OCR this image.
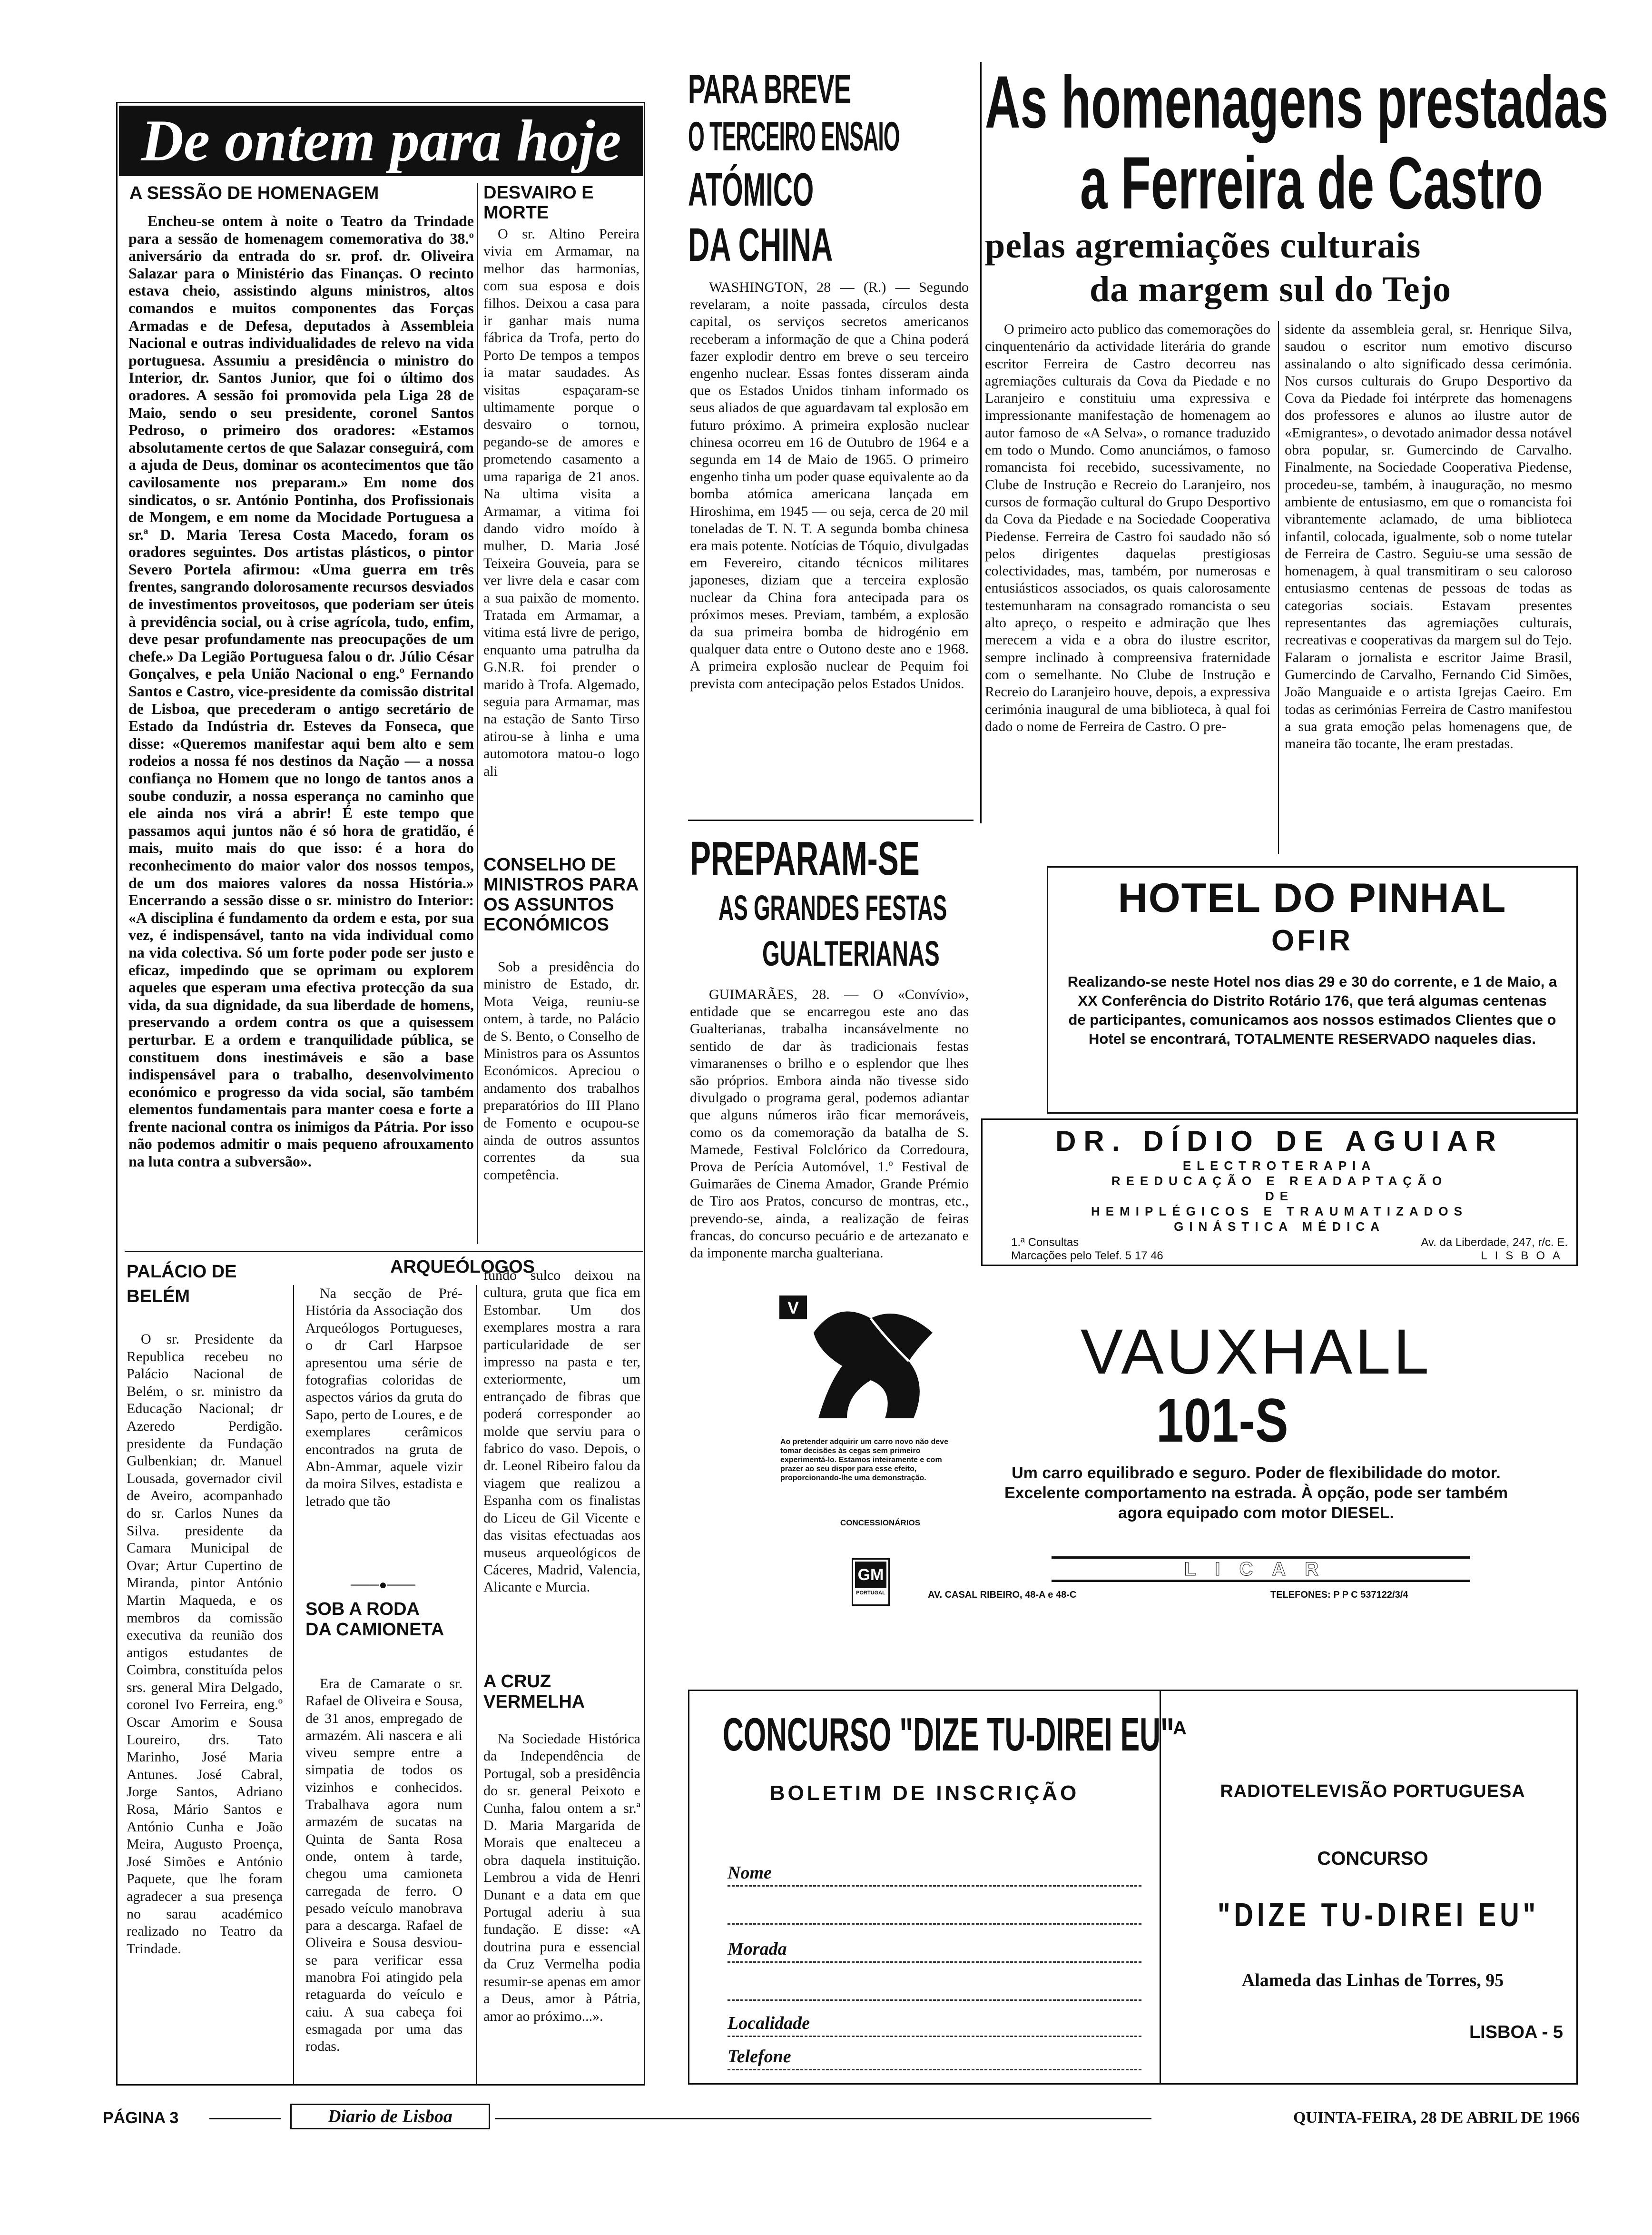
De ontem para hoje
A SESSÃO DE HOMENAGEM
Encheu-se ontem à noite o Teatro da Trindade para a sessão de homenagem comemorativa do 38.º aniversário da entrada do sr. prof. dr. Oliveira Salazar para o Ministério das Finanças. O recinto estava cheio, assistindo alguns ministros, altos comandos e muitos componentes das Forças Armadas e de Defesa, deputados à Assembleia Nacional e outras individualidades de relevo na vida portuguesa. Assumiu a presidência o ministro do Interior, dr. Santos Junior, que foi o último dos oradores. A sessão foi promovida pela Liga 28 de Maio, sendo o seu presidente, coronel Santos Pedroso, o primeiro dos oradores: «Estamos absolutamente certos de que Salazar conseguirá, com a ajuda de Deus, dominar os acontecimentos que tão cavilosamente nos preparam.» Em nome dos sindicatos, o sr. António Pontinha, dos Profissionais de Mongem, e em nome da Mocidade Portuguesa a sr.ª D. Maria Teresa Costa Macedo, foram os oradores seguintes. Dos artistas plásticos, o pintor Severo Portela afirmou: «Uma guerra em três frentes, sangrando dolorosamente recursos desviados de investimentos proveitosos, que poderiam ser úteis à previdência social, ou à crise agrícola, tudo, enfim, deve pesar profundamente nas preocupações de um chefe.» Da Legião Portuguesa falou o dr. Júlio César Gonçalves, e pela União Nacional o eng.º Fernando Santos e Castro, vice-presidente da comissão distrital de Lisboa, que precederam o antigo secretário de Estado da Indústria dr. Esteves da Fonseca, que disse: «Queremos manifestar aqui bem alto e sem rodeios a nossa fé nos destinos da Nação — a nossa confiança no Homem que no longo de tantos anos a soube conduzir, a nossa esperança no caminho que ele ainda nos virá a abrir! É este tempo que passamos aqui juntos não é só hora de gratidão, é mais, muito mais do que isso: é a hora do reconhecimento do maior valor dos nossos tempos, de um dos maiores valores da nossa História.» Encerrando a sessão disse o sr. ministro do Interior: «A disciplina é fundamento da ordem e esta, por sua vez, é indispensável, tanto na vida individual como na vida colectiva. Só um forte poder pode ser justo e eficaz, impedindo que se oprimam ou explorem aqueles que esperam uma efectiva protecção da sua vida, da sua dignidade, da sua liberdade de homens, preservando a ordem contra os que a quisessem perturbar. E a ordem e tranquilidade pública, se constituem dons inestimáveis e são a base indispensável para o trabalho, desenvolvimento económico e progresso da vida social, são também elementos fundamentais para manter coesa e forte a frente nacional contra os inimigos da Pátria. Por isso não podemos admitir o mais pequeno afrouxamento na luta contra a subversão».
DESVAIRO E MORTE
O sr. Altino Pereira vivia em Armamar, na melhor das harmonias, com sua esposa e dois filhos. Deixou a casa para ir ganhar mais numa fábrica da Trofa, perto do Porto De tempos a tempos ia matar saudades. As visitas espaçaram-se ultimamente porque o desvairo o tornou, pegando-se de amores e prometendo casamento a uma rapariga de 21 anos. Na ultima visita a Armamar, a vitima foi dando vidro moído à mulher, D. Maria José Teixeira Gouveia, para se ver livre dela e casar com a sua paixão de momento. Tratada em Armamar, a vitima está livre de perigo, enquanto uma patrulha da G.N.R. foi prender o marido à Trofa. Algemado, seguia para Armamar, mas na estação de Santo Tirso atirou-se à linha e uma automotora matou-o logo ali
CONSELHO DE MINISTROS PARA OS ASSUNTOS ECONÓMICOS
Sob a presidência do ministro de Estado, dr. Mota Veiga, reuniu-se ontem, à tarde, no Palácio de S. Bento, o Conselho de Ministros para os Assuntos Económicos. Apreciou o andamento dos trabalhos preparatórios do III Plano de Fomento e ocupou-se ainda de outros assuntos correntes da sua competência.
PALÁCIO DE BELÉM
O sr. Presidente da Republica recebeu no Palácio Nacional de Belém, o sr. ministro da Educação Nacional; dr Azeredo Perdigão. presidente da Fundação Gulbenkian; dr. Manuel Lousada, governador civil de Aveiro, acompanhado do sr. Carlos Nunes da Silva. presidente da Camara Municipal de Ovar; Artur Cupertino de Miranda, pintor António Martin Maqueda, e os membros da comissão executiva da reunião dos antigos estudantes de Coimbra, constituída pelos srs. general Mira Delgado, coronel Ivo Ferreira, eng.º Oscar Amorim e Sousa Loureiro, drs. Tato Marinho, José Maria Antunes. José Cabral, Jorge Santos, Adriano Rosa, Mário Santos e António Cunha e João Meira, Augusto Proença, José Simões e António Paquete, que lhe foram agradecer a sua presença no sarau académico realizado no Teatro da Trindade.
ARQUEÓLOGOS
Na secção de Pré-História da Associação dos Arqueólogos Portugueses, o dr Carl Harpsoe apresentou uma série de fotografias coloridas de aspectos vários da gruta do Sapo, perto de Loures, e de exemplares cerâmicos encontrados na gruta de Abn-Ammar, aquele vizir da moira Silves, estadista e letrado que tão
fundo sulco deixou na cultura, gruta que fica em Estombar. Um dos exemplares mostra a rara particularidade de ser impresso na pasta e ter, exteriormente, um entrançado de fibras que poderá corresponder ao molde que serviu para o fabrico do vaso. Depois, o dr. Leonel Ribeiro falou da viagem que realizou a Espanha com os finalistas do Liceu de Gil Vicente e das visitas efectuadas aos museus arqueológicos de Cáceres, Madrid, Valencia, Alicante e Murcia.
───●───
SOB A RODA DA CAMIONETA
Era de Camarate o sr. Rafael de Oliveira e Sousa, de 31 anos, empregado de armazém. Ali nascera e ali viveu sempre entre a simpatia de todos os vizinhos e conhecidos. Trabalhava agora num armazém de sucatas na Quinta de Santa Rosa onde, ontem à tarde, chegou uma camioneta carregada de ferro. O pesado veículo manobrava para a descarga. Rafael de Oliveira e Sousa desviou-se para verificar essa manobra Foi atingido pela retaguarda do veículo e caiu. A sua cabeça foi esmagada por uma das rodas.
A CRUZ VERMELHA
Na Sociedade Histórica da Independência de Portugal, sob a presidência do sr. general Peixoto e Cunha, falou ontem a sr.ª D. Maria Margarida de Morais que enalteceu a obra daquela instituição. Lembrou a vida de Henri Dunant e a data em que Portugal aderiu à sua fundação. E disse: «A doutrina pura e essencial da Cruz Vermelha podia resumir-se apenas em amor a Deus, amor à Pátria, amor ao próximo...».
PARA BREVE
O TERCEIRO ENSAIO
ATÓMICO
DA CHINA
WASHINGTON, 28 — (R.) — Segundo revelaram, a noite passada, círculos desta capital, os serviços secretos americanos receberam a informação de que a China poderá fazer explodir dentro em breve o seu terceiro engenho nuclear. Essas fontes disseram ainda que os Estados Unidos tinham informado os seus aliados de que aguardavam tal explosão em futuro próximo. A primeira explosão nuclear chinesa ocorreu em 16 de Outubro de 1964 e a segunda em 14 de Maio de 1965. O primeiro engenho tinha um poder quase equivalente ao da bomba atómica americana lançada em Hiroshima, em 1945 — ou seja, cerca de 20 mil toneladas de T. N. T. A segunda bomba chinesa era mais potente. Notícias de Tóquio, divulgadas em Fevereiro, citando técnicos militares japoneses, diziam que a terceira explosão nuclear da China fora antecipada para os próximos meses. Previam, também, a explosão da sua primeira bomba de hidrogénio em qualquer data entre o Outono deste ano e 1968. A primeira explosão nuclear de Pequim foi prevista com antecipação pelos Estados Unidos.
PREPARAM-SE
AS GRANDES FESTAS
GUALTERIANAS
GUIMARÃES, 28. — O «Convívio», entidade que se encarregou este ano das Gualterianas, trabalha incansávelmente no sentido de dar às tradicionais festas vimaranenses o brilho e o esplendor que lhes são próprios. Embora ainda não tivesse sido divulgado o programa geral, podemos adiantar que alguns números irão ficar memoráveis, como os da comemoração da batalha de S. Mamede, Festival Folclórico da Corredoura, Prova de Perícia Automóvel, 1.º Festival de Guimarães de Cinema Amador, Grande Prémio de Tiro aos Pratos, concurso de montras, etc., prevendo-se, ainda, a realização de feiras francas, do concurso pecuário e de artezanato e da imponente marcha gualteriana.
As homenagens prestadas
a Ferreira de Castro
pelas agremiações culturais
da margem sul do Tejo
O primeiro acto publico das comemorações do cinquentenário da actividade literária do grande escritor Ferreira de Castro decorreu nas agremiações culturais da Cova da Piedade e no Laranjeiro e constituiu uma expressiva e impressionante manifestação de homenagem ao autor famoso de «A Selva», o romance traduzido em todo o Mundo. Como anunciámos, o famoso romancista foi recebido, sucessivamente, no Clube de Instrução e Recreio do Laranjeiro, nos cursos de formação cultural do Grupo Desportivo da Cova da Piedade e na Sociedade Cooperativa Piedense. Ferreira de Castro foi saudado não só pelos dirigentes daquelas prestigiosas colectividades, mas, também, por numerosas e entusiásticos associados, os quais calorosamente testemunharam na consagrado romancista o seu alto apreço, o respeito e admiração que lhes merecem a vida e a obra do ilustre escritor, sempre inclinado à compreensiva fraternidade com o semelhante. No Clube de Instrução e Recreio do Laranjeiro houve, depois, a expressiva cerimónia inaugural de uma biblioteca, à qual foi dado o nome de Ferreira de Castro. O pre-
sidente da assembleia geral, sr. Henrique Silva, saudou o escritor num emotivo discurso assinalando o alto significado dessa cerimónia. Nos cursos culturais do Grupo Desportivo da Cova da Piedade foi intérprete das homenagens dos professores e alunos ao ilustre autor de «Emigrantes», o devotado animador dessa notável obra popular, sr. Gumercindo de Carvalho. Finalmente, na Sociedade Cooperativa Piedense, procedeu-se, também, à inauguração, no mesmo ambiente de entusiasmo, em que o romancista foi vibrantemente aclamado, de uma biblioteca infantil, colocada, igualmente, sob o nome tutelar de Ferreira de Castro. Seguiu-se uma sessão de homenagem, à qual transmitiram o seu caloroso entusiasmo centenas de pessoas de todas as categorias sociais. Estavam presentes representantes das agremiações culturais, recreativas e cooperativas da margem sul do Tejo. Falaram o jornalista e escritor Jaime Brasil, Gumercindo de Carvalho, Fernando Cid Simões, João Manguaide e o artista Igrejas Caeiro. Em todas as cerimónias Ferreira de Castro manifestou a sua grata emoção pelas homenagens que, de maneira tão tocante, lhe eram prestadas.
HOTEL DO PINHAL
OFIR
Realizando-se neste Hotel nos dias 29 e 30 do corrente, e 1 de Maio, a XX Conferência do Distrito Rotário 176, que terá algumas centenas de participantes, comunicamos aos nossos estimados Clientes que o Hotel se encontrará, TOTALMENTE RESERVADO naqueles dias.
DR. DÍDIO DE AGUIAR
ELECTROTERAPIA
REEDUCAÇÃO E READAPTAÇÃO
DE
HEMIPLÉGICOS E TRAUMATIZADOS
GINÁSTICA MÉDICA
1.ª Consultas
Marcações pelo Telef. 5 17 46
Av. da Liberdade, 247, r/c. E.
LISBOA
V
Ao pretender adquirir um carro novo não deve tomar decisões às cegas sem primeiro experimentá-lo. Estamos inteiramente e com prazer ao seu dispor para esse efeito, proporcionando-lhe uma demonstração.
CONCESSIONÁRIOS
GM
PORTUGAL
VAUXHALL
101-S
Um carro equilibrado e seguro. Poder de flexibilidade do motor. Excelente comportamento na estrada. À opção, pode ser também agora equipado com motor DIESEL.
LICAR
AV. CASAL RIBEIRO, 48-A e 48-C	TELEFONES: P P C 537122/3/4
CONCURSO "DIZE TU-DIREI EU"
BOLETIM DE INSCRIÇÃO
Nome
Morada
Localidade
Telefone
A
RADIOTELEVISÃO PORTUGUESA
CONCURSO
"DIZE TU-DIREI EU"
Alameda das Linhas de Torres, 95
LISBOA - 5
PÁGINA 3	Diario de Lisboa	QUINTA-FEIRA, 28 DE ABRIL DE 1966
